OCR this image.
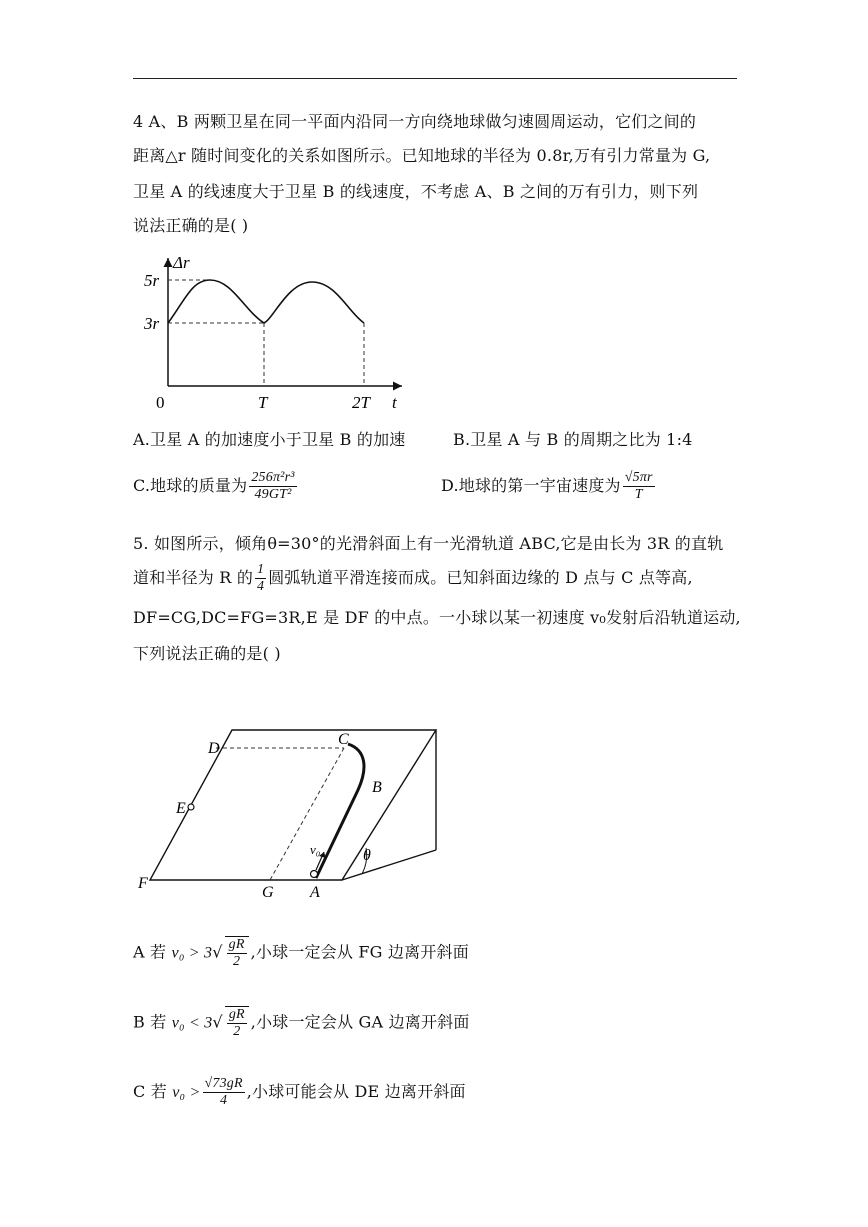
4 A、B 两颗卫星在同一平面内沿同一方向绕地球做匀速圆周运动，它们之间的
距离△r 随时间变化的关系如图所示。已知地球的半径为 0.8r,万有引力常量为 G,
卫星 A 的线速度大于卫星 B 的线速度，不考虑 A、B 之间的万有引力，则下列
说法正确的是( )
Δr
5r
3r
0	T	2T t
A.卫星 A 的加速度小于卫星 B 的加速	B.卫星 A 与 B 的周期之比为 1:4
C.地球的质量为 $\frac{\text{256π²r³}}{\text{49GT²}}$	D.地球的第一宇宙速度为 $\frac{√5\pi r}{T}$
5. 如图所示，倾角θ=30°的光滑斜面上有一光滑轨道 ABC,它是由长为 3R 的直轨
道和半径为 R 的 $\frac{1}{4}$ 圆弧轨道平滑连接而成。已知斜面边缘的 D 点与 C 点等高,
DF=CG,DC=FG=3R,E 是 DF 的中点。一小球以某一初速度 v₀发射后沿轨道运动,
下列说法正确的是( )
D
C
B
E
F
G A
v₀	θ
A 若 $v_0 > 3√ \frac{gR}{2}$ ,小球一定会从 FG 边离开斜面
B 若 $v_0 < 3√ \frac{gR}{2}$ ,小球一定会从 GA 边离开斜面
C 若 $v_0 > \frac{√73gR}{4}$ ,小球可能会从 DE 边离开斜面
